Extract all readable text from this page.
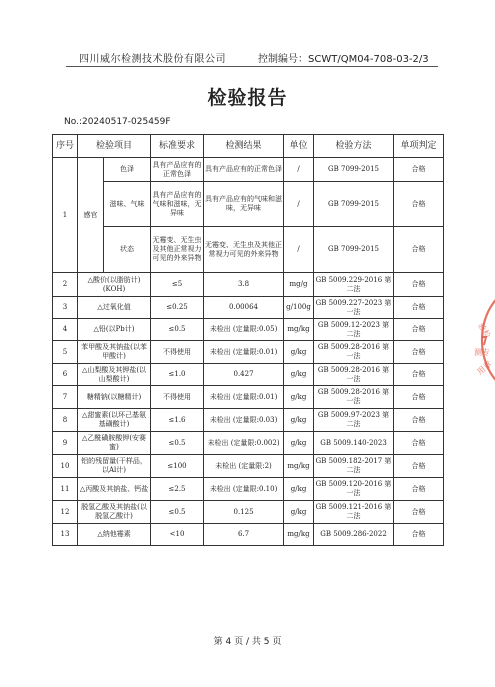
四川威尔检测技术股份有限公司	控制编号：SCWT/QM04-708-03-2/3
检验报告
No.:20240517-025459F
序号	检验项目		标准要求	检测结果	单位	检验方法	单项判定
1	感官	色泽	具有产品应有的正常色泽	具有产品应有的正常色泽	/	GB 7099-2015	合格
		滋味、气味	具有产品应有的气味和滋味，无异味	具有产品应有的气味和滋味，无异味	/	GB 7099-2015	合格
		状态	无霉变、无生虫及其他正常视力可见的外来异物	无霉变、无生虫及其他正常视力可见的外来异物	/	GB 7099-2015	合格
2	△酸价(以脂肪计)(KOH)		≤5	3.8	mg/g	GB 5009.229-2016 第二法	合格
3	△过氧化值		≤0.25	0.00064	g/100g	GB 5009.227-2023 第一法	合格
4	△铅(以Pb计)		≤0.5	未检出 (定量限:0.05)	mg/kg	GB 5009.12-2023 第二法	合格
5	苯甲酸及其钠盐(以苯甲酸计)		不得使用	未检出 (定量限:0.01)	g/kg	GB 5009.28-2016 第一法	合格
6	△山梨酸及其钾盐(以山梨酸计)		≤1.0	0.427	g/kg	GB 5009.28-2016 第一法	合格
7	糖精钠(以糖精计)		不得使用	未检出 (定量限:0.01)	g/kg	GB 5009.28-2016 第一法	合格
8	△甜蜜素(以环己基氨基磺酸计)		≤1.6	未检出 (定量限:0.03)	g/kg	GB 5009.97-2023 第二法	合格
9	△乙酰磺胺酸钾(安赛蜜)		≤0.5	未检出 (定量限:0.002)	g/kg	GB 5009.140-2023	合格
10	铝的残留量(干样品，以Al计)		≤100	未检出 (定量限:2)	mg/kg	GB 5009.182-2017 第二法	合格
11	△丙酸及其钠盐、钙盐		≤2.5	未检出 (定量限:0.10)	g/kg	GB 5009.120-2016 第一法	合格
12	脱氢乙酸及其钠盐(以脱氢乙酸计)		≤0.5	0.125	g/kg	GB 5009.121-2016 第二法	合格
13	△纳他霉素		<10	6.7	mg/kg	GB 5009.286-2022	合格
验检
测专
用章
第 4 页 / 共 5 页
